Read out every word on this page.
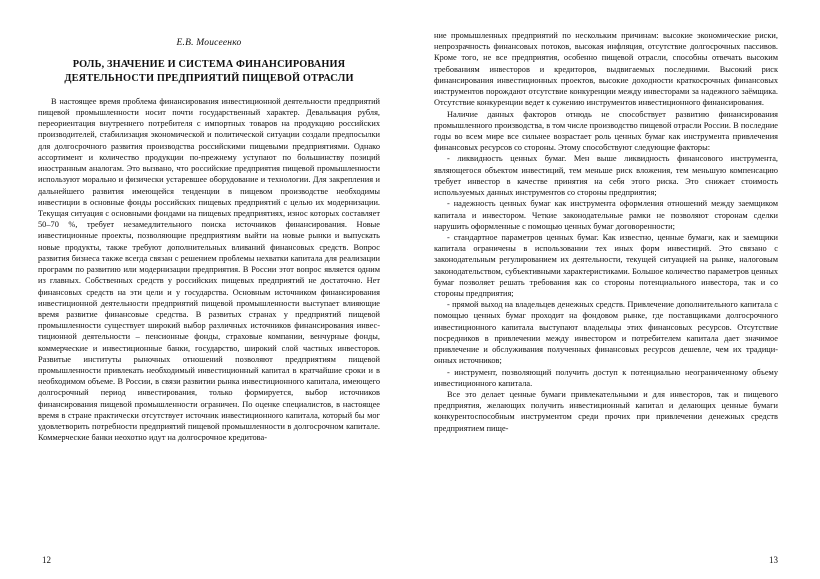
Е.В. Моисеенко
РОЛЬ, ЗНАЧЕНИЕ И СИСТЕМА ФИНАНСИРОВАНИЯ ДЕЯТЕЛЬНОСТИ ПРЕДПРИЯТИЙ ПИЩЕВОЙ ОТРАСЛИ

В настоящее время проблема финансирования инвестиционной деятельности предприятий пищевой промышленности носит почти государственный характер. Девальвация рубля, переориентация внутреннего потребителя с импортных товаров на продукцию российских производителей, стабилизация экономической и политической ситуации создали предпосылки для долгосрочного развития производства российскими пищевыми предприятиями. Однако ассортимент и количество продукции по-прежнему уступают по большинству позиций иностранным аналогам. Это вызвано, что российские предприятия пищевой промышленности используют морально и физически устаревшее оборудование и технологии. Для закрепления и дальнейшего развития имеющейся тенденции в пищевом производстве необходимы инвестиции в основные фонды российских пищевых предприятий с целью их модернизации. Текущая ситуация с основными фондами на пищевых предприятиях, износ которых составляет 50–70 %, требует незамедлительного поиска источников финансирования. Новые инвестиционные проекты, позволяющие предприятиям выйти на новые рынки и выпускать новые продукты, также требуют дополнительных вливаний финансовых средств. Вопрос развития бизнеса также всегда связан с решением проблемы нехватки капитала для реализации программ по развитию или модернизации предприятия. В России этот вопрос является одним из главных. Собственных средств у российских пищевых предприятий не достаточно. Нет финансовых средств на эти цели и у государства. Основным источником финансирования инвестиционной деятельности предприятий пищевой промышленности выступает влияющие время развитие финансовые средства. В развитых странах у предприятий пищевой промышленности существует широкий выбор различных источников финансирования инвестиционной деятельности – пенсионные фонды, страховые компании, венчурные фонды, коммерческие и инвестиционные банки, государство, широкий слой частных инвесторов. Развитые институты рыночных отношений позволяют предприятиям пищевой промышленности привлекать необходимый инвестиционный капитал в кратчайшие сроки и в необходимом объеме. В России, в связи развитии рынка инвестиционного капитала, имеющего долгосрочный период инвестирования, только формируется, выбор источников финансирования пищевой промышленности ограничен. По оценке специалистов, в настоящее время в стране практически отсутствует источник инвестиционного капитала, который бы мог удовлетворить потребности предприятий пищевой промышленности в долгосрочном капитале. Коммерческие банки неохотно идут на долгосрочное кредитова-

ние промышленных предприятий по нескольким причинам: высокие экономические риски, непрозрачность финансовых потоков, высокая инфляция, отсутствие долгосрочных пассивов. Кроме того, не все предприятия, особенно пищевой отрасли, способны отвечать высоким требованиям инвесторов и кредиторов, выдвигаемых последними. Высокий риск финансирования инвестиционных проектов, высокие доходности краткосрочных финансовых инструментов порождают отсутствие конкуренции между инвесторами за надежного заёмщика. Отсутствие конкуренции ведет к сужению инструментов инвестиционного финансирования.

Наличие данных факторов отнюдь не способствует развитию финансирования промышленного производства, в том числе производство пищевой отрасли России. В последние годы во всем мире все сильнее возрастает роль ценных бумаг как инструмента привлечения финансовых ресурсов со стороны. Этому способствуют следующие факторы:

- ликвидность ценных бумаг. Мен выше ликвидность финансового инструмента, являющегося объектом инвестиций, тем меньше риск вложения, тем меньшую компенсацию требует инвестор в качестве принятия на себя этого риска. Это снижает стоимость используемых данных инструментов со стороны предприятия;

- надежность ценных бумаг как инструмента оформления отношений между заемщиком капитала и инвестором. Четкие законодательные рамки не позволяют сторонам сделки нарушить оформленные с помощью ценных бумаг договоренности;

- стандартное параметров ценных бумаг. Как известно, ценные бумаги, как и заемщики капитала ограничены в использовании тех иных форм инвестиций. Это связано с законодательным регулированием их деятельности, текущей ситуацией на рынке, налоговым законодательством, субъективными характеристиками. Большое количество параметров ценных бумаг позволяет решать требования как со стороны потенциального инвестора, так и со стороны предприятия;

- прямой выход на владельцев денежных средств. Привлечение дополнительного капитала с помощью ценных бумаг проходит на фондовом рынке, где поставщиками долгосрочного инвестиционного капитала выступают владельцы этих финансовых ресурсов. Отсутствие посредников в привлечении между инвестором и потребителем капитала дает значимое привлечение и обслуживания полученных финансовых ресурсов дешевле, чем их традиционных источников;

- инструмент, позволяющий получить доступ к потенциально неограниченному объему инвестиционного капитала.

Все это делает ценные бумаги привлекательными и для инвесторов, так и пищевого предприятия, желающих получить инвестиционный капитал и делающих ценные бумаги конкурентоспособным инструментом среди прочих при привлечении денежных средств предприятием пище-

12	13
